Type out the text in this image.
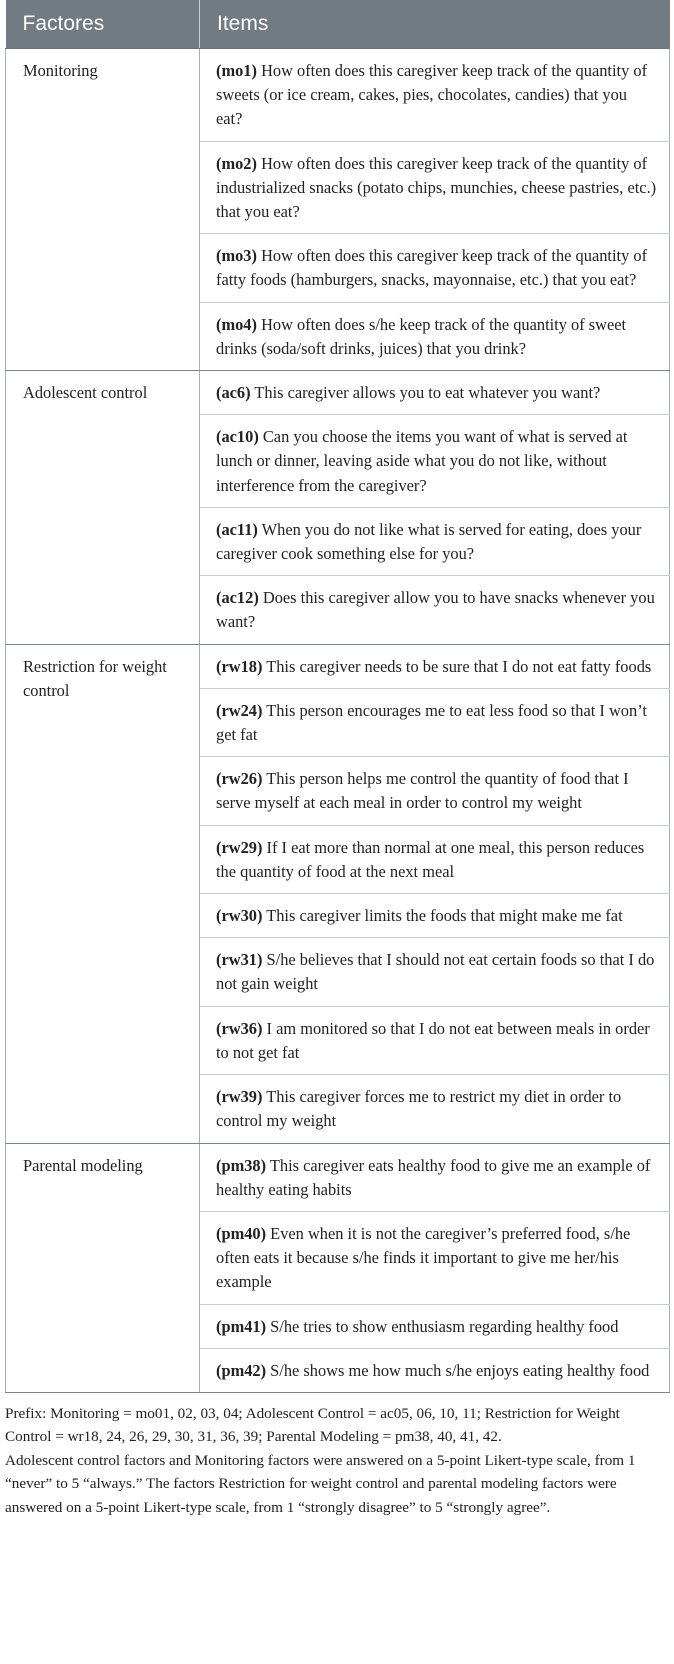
Factores	Items
Monitoring	(mo1) How often does this caregiver keep track of the quantity of sweets (or ice cream, cakes, pies, chocolates, candies) that you eat?
	(mo2) How often does this caregiver keep track of the quantity of industrialized snacks (potato chips, munchies, cheese pastries, etc.) that you eat?
	(mo3) How often does this caregiver keep track of the quantity of fatty foods (hamburgers, snacks, mayonnaise, etc.) that you eat?
	(mo4) How often does s/he keep track of the quantity of sweet drinks (soda/soft drinks, juices) that you drink?
Adolescent control	(ac6) This caregiver allows you to eat whatever you want?
	(ac10) Can you choose the items you want of what is served at lunch or dinner, leaving aside what you do not like, without interference from the caregiver?
	(ac11) When you do not like what is served for eating, does your caregiver cook something else for you?
	(ac12) Does this caregiver allow you to have snacks whenever you want?
Restriction for weight control	(rw18) This caregiver needs to be sure that I do not eat fatty foods
	(rw24) This person encourages me to eat less food so that I won’t get fat
	(rw26) This person helps me control the quantity of food that I serve myself at each meal in order to control my weight
	(rw29) If I eat more than normal at one meal, this person reduces the quantity of food at the next meal
	(rw30) This caregiver limits the foods that might make me fat
	(rw31) S/he believes that I should not eat certain foods so that I do not gain weight
	(rw36) I am monitored so that I do not eat between meals in order to not get fat
	(rw39) This caregiver forces me to restrict my diet in order to control my weight
Parental modeling	(pm38) This caregiver eats healthy food to give me an example of healthy eating habits
	(pm40) Even when it is not the caregiver’s preferred food, s/he often eats it because s/he finds it important to give me her/his example
	(pm41) S/he tries to show enthusiasm regarding healthy food
	(pm42) S/he shows me how much s/he enjoys eating healthy food

Prefix: Monitoring = mo01, 02, 03, 04; Adolescent Control = ac05, 06, 10, 11; Restriction for Weight Control = wr18, 24, 26, 29, 30, 31, 36, 39; Parental Modeling = pm38, 40, 41, 42.

Adolescent control factors and Monitoring factors were answered on a 5-point Likert-type scale, from 1 “never” to 5 “always.” The factors Restriction for weight control and parental modeling factors were answered on a 5-point Likert-type scale, from 1 “strongly disagree” to 5 “strongly agree”.
